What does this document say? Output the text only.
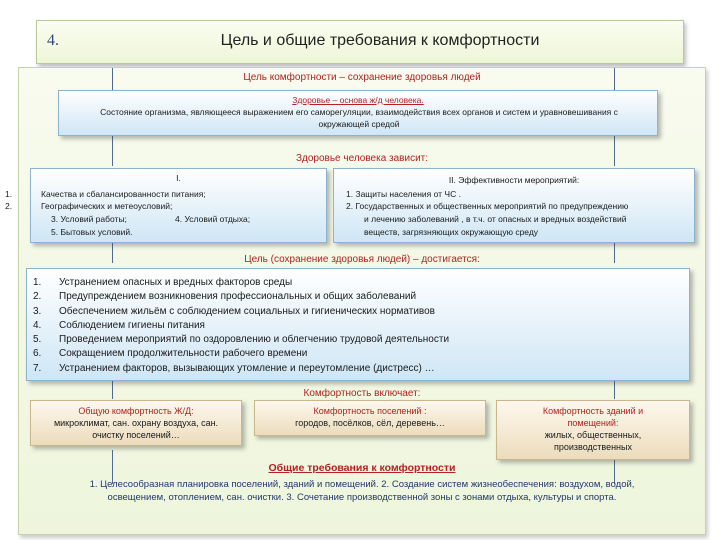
4.	Цель и общие требования к комфортности
Цель комфортности – сохранение здоровья людей
Здоровье – основа ж/д человека.
Состояние организма, являющееся выражением его саморегуляции, взаимодействия всех органов и систем и уравновешивания с окружающей средой
Здоровье человека зависит:
I.
1.	Качества и сбалансированности питания;
2.	Географических и метеоусловий;
3. Условий работы;	4. Условий отдыха;
5. Бытовых условий.
II. Эффективности мероприятий:
1. Защиты населения от ЧС .
2. Государственных и общественных мероприятий по предупреждению
и лечению заболеваний , в т.ч. от опасных и вредных воздействий
веществ, загрязняющих окружающую среду
Цель (сохранение здоровья людей) – достигается:
1.	Устранением опасных и вредных факторов среды
2.	Предупреждением возникновения профессиональных и общих заболеваний
3.	Обеспечением жильём с соблюдением социальных и гигиенических нормативов
4.	Соблюдением гигиены питания
5.	Проведением мероприятий по оздоровлению и облегчению трудовой деятельности
6.	Сокращением продолжительности рабочего времени
7.	Устранением факторов, вызывающих утомление и переутомление (дистресс) …
Комфортность включает:
Общую комфортность Ж/Д:
микроклимат, сан. охрану воздуха, сан.
очистку поселений…
Комфортность поселений :
городов, посёлков, сёл, деревень…
Комфортность зданий и
помещений:
жилых, общественных,
производственных
Общие требования к комфортности
1. Целесообразная планировка поселений, зданий и помещений. 2. Создание систем жизнеобеспечения: воздухом, водой,
освещением, отоплением, сан. очистки. 3. Сочетание производственной зоны с зонами отдыха, культуры и спорта.
